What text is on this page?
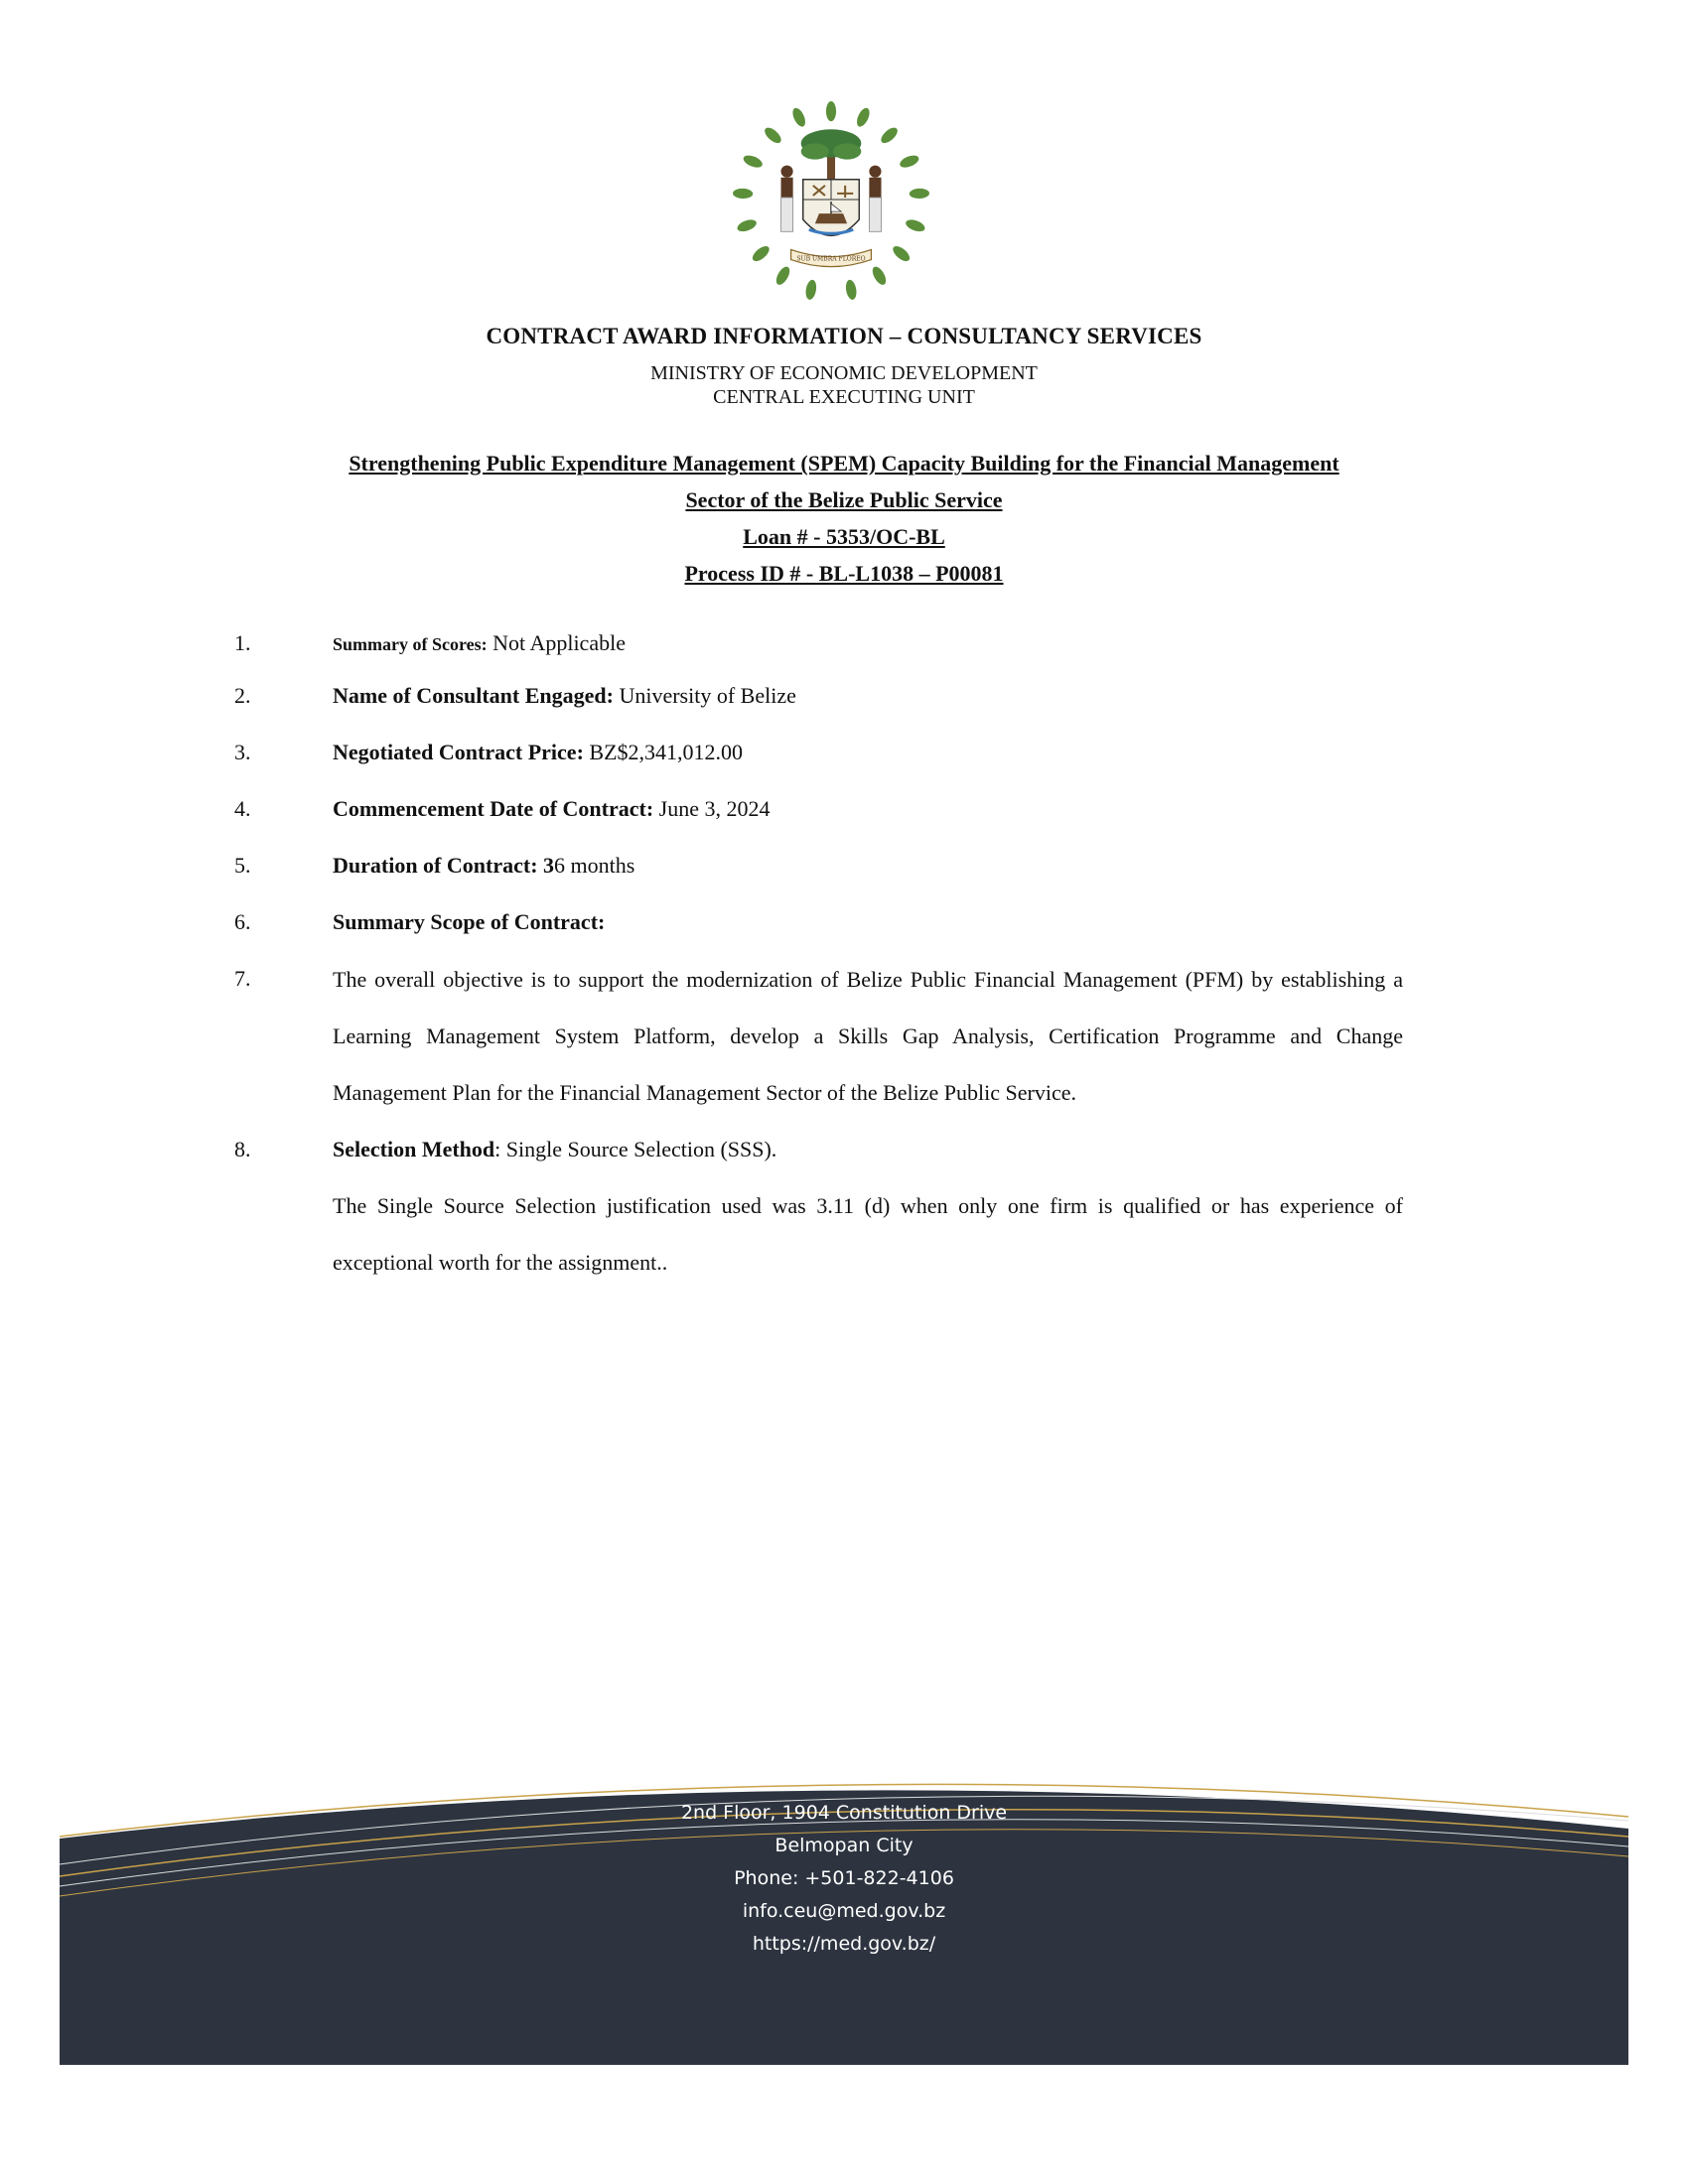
SUB UMBRA FLOREO
CONTRACT AWARD INFORMATION – CONSULTANCY SERVICES
MINISTRY OF ECONOMIC DEVELOPMENT
CENTRAL EXECUTING UNIT
Strengthening Public Expenditure Management (SPEM) Capacity Building for the Financial Management
Sector of the Belize Public Service
Loan # - 5353/OC-BL
Process ID # - BL-L1038 – P00081
1.	Summary of Scores: Not Applicable
2.	Name of Consultant Engaged: University of Belize
3.	Negotiated Contract Price: BZ$2,341,012.00
4.	Commencement Date of Contract: June 3, 2024
5.	Duration of Contract: 36 months
6.	Summary Scope of Contract:
7.	The overall objective is to support the modernization of Belize Public Financial Management (PFM) by establishing a Learning Management System Platform, develop a Skills Gap Analysis, Certification Programme and Change Management Plan for the Financial Management Sector of the Belize Public Service.
8.	Selection Method: Single Source Selection (SSS).
The Single Source Selection justification used was 3.11 (d) when only one firm is qualified or has experience of exceptional worth for the assignment..
2nd Floor, 1904 Constitution Drive
Belmopan City
Phone: +501-822-4106
info.ceu@med.gov.bz
https://med.gov.bz/
